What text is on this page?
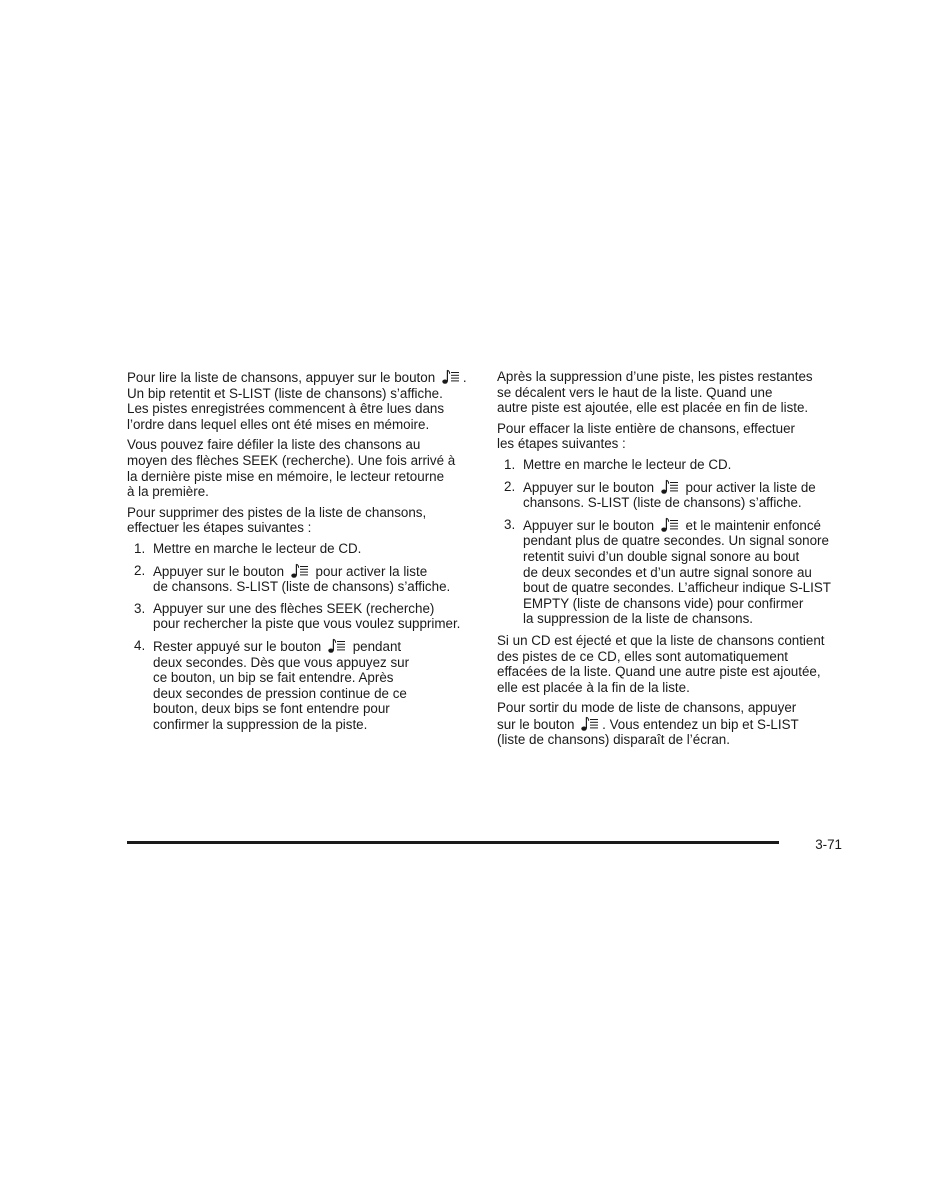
Pour lire la liste de chansons, appuyer sur le bouton .
Un bip retentit et S-LIST (liste de chansons) s’affiche.
Les pistes enregistrées commencent à être lues dans
l’ordre dans lequel elles ont été mises en mémoire.

Vous pouvez faire défiler la liste des chansons au
moyen des flèches SEEK (recherche). Une fois arrivé à
la dernière piste mise en mémoire, le lecteur retourne
à la première.

Pour supprimer des pistes de la liste de chansons,
effectuer les étapes suivantes :

1. Mettre en marche le lecteur de CD.
2. Appuyer sur le bouton pour activer la liste
de chansons. S-LIST (liste de chansons) s’affiche.
3. Appuyer sur une des flèches SEEK (recherche)
pour rechercher la piste que vous voulez supprimer.
4. Rester appuyé sur le bouton pendant
deux secondes. Dès que vous appuyez sur
ce bouton, un bip se fait entendre. Après
deux secondes de pression continue de ce
bouton, deux bips se font entendre pour
confirmer la suppression de la piste.

Après la suppression d’une piste, les pistes restantes
se décalent vers le haut de la liste. Quand une
autre piste est ajoutée, elle est placée en fin de liste.

Pour effacer la liste entière de chansons, effectuer
les étapes suivantes :

1. Mettre en marche le lecteur de CD.
2. Appuyer sur le bouton pour activer la liste de
chansons. S-LIST (liste de chansons) s’affiche.
3. Appuyer sur le bouton et le maintenir enfoncé
pendant plus de quatre secondes. Un signal sonore
retentit suivi d’un double signal sonore au bout
de deux secondes et d’un autre signal sonore au
bout de quatre secondes. L’afficheur indique S-LIST
EMPTY (liste de chansons vide) pour confirmer
la suppression de la liste de chansons.

Si un CD est éjecté et que la liste de chansons contient
des pistes de ce CD, elles sont automatiquement
effacées de la liste. Quand une autre piste est ajoutée,
elle est placée à la fin de la liste.

Pour sortir du mode de liste de chansons, appuyer
sur le bouton . Vous entendez un bip et S-LIST
(liste de chansons) disparaît de l’écran.

3-71
